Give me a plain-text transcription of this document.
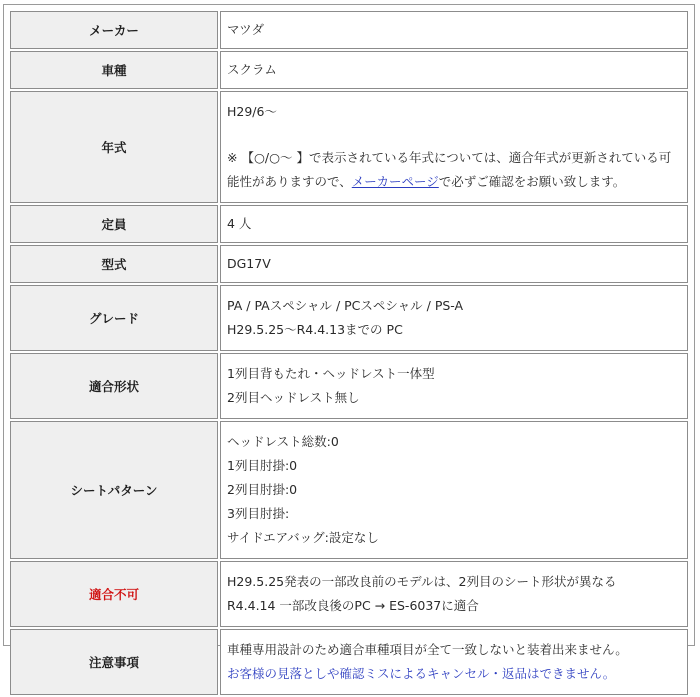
メーカー	マツダ
車種	スクラム
年式	H29/6～
※ 【○/○～ 】で表示されている年式については、適合年式が更新されている可能性がありますので、メーカーページで必ずご確認をお願い致します。

定員	4 人
型式	DG17V
グレード	PA / PAスペシャル / PCスペシャル / PS-A
H29.5.25～R4.4.13までの PC

適合形状	1列目背もたれ・ヘッドレスト一体型
2列目ヘッドレスト無し

シートパターン	ヘッドレスト総数:0
1列目肘掛:0
2列目肘掛:0
3列目肘掛:
サイドエアバッグ:設定なし

適合不可	H29.5.25発表の一部改良前のモデルは、2列目のシート形状が異なる
R4.4.14 一部改良後のPC → ES-6037に適合

注意事項	車種専用設計のため適合車種項目が全て一致しないと装着出来ません。
お客様の見落としや確認ミスによるキャンセル・返品はできません。
